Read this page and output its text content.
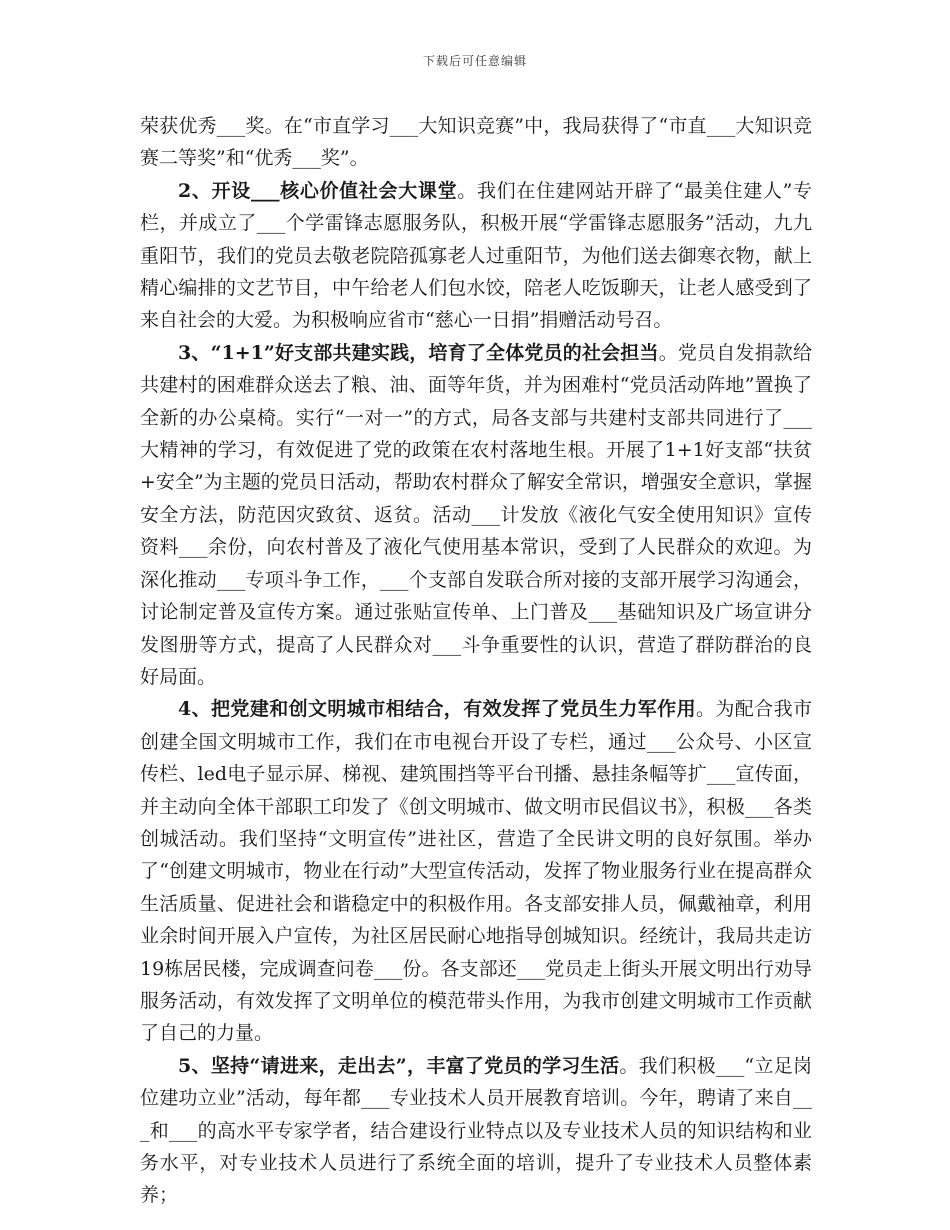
下载后可任意编辑

荣获优秀___奖。在“市直学习___大知识竞赛”中，我局获得了“市直___大知识竞赛二等奖”和“优秀___奖”。

2、开设___核心价值社会大课堂。我们在住建网站开辟了“最美住建人”专栏，并成立了___个学雷锋志愿服务队，积极开展“学雷锋志愿服务”活动，九九重阳节，我们的党员去敬老院陪孤寡老人过重阳节，为他们送去御寒衣物，献上精心编排的文艺节目，中午给老人们包水饺，陪老人吃饭聊天，让老人感受到了来自社会的大爱。为积极响应省市“慈心一日捐”捐赠活动号召。

3、“1+1”好支部共建实践，培育了全体党员的社会担当。党员自发捐款给共建村的困难群众送去了粮、油、面等年货，并为困难村“党员活动阵地”置换了全新的办公桌椅。实行“一对一”的方式，局各支部与共建村支部共同进行了___大精神的学习，有效促进了党的政策在农村落地生根。开展了1+1好支部“扶贫+安全”为主题的党员日活动，帮助农村群众了解安全常识，增强安全意识，掌握安全方法，防范因灾致贫、返贫。活动___计发放《液化气安全使用知识》宣传资料___余份，向农村普及了液化气使用基本常识，受到了人民群众的欢迎。为深化推动___专项斗争工作，___个支部自发联合所对接的支部开展学习沟通会，讨论制定普及宣传方案。通过张贴宣传单、上门普及___基础知识及广场宣讲分发图册等方式，提高了人民群众对___斗争重要性的认识，营造了群防群治的良好局面。

4、把党建和创文明城市相结合，有效发挥了党员生力军作用。为配合我市创建全国文明城市工作，我们在市电视台开设了专栏，通过___公众号、小区宣传栏、led电子显示屏、梯视、建筑围挡等平台刊播、悬挂条幅等扩___宣传面，并主动向全体干部职工印发了《创文明城市、做文明市民倡议书》，积极___各类创城活动。我们坚持“文明宣传”进社区，营造了全民讲文明的良好氛围。举办了“创建文明城市，物业在行动”大型宣传活动，发挥了物业服务行业在提高群众生活质量、促进社会和谐稳定中的积极作用。各支部安排人员，佩戴袖章，利用业余时间开展入户宣传，为社区居民耐心地指导创城知识。经统计，我局共走访19栋居民楼，完成调查问卷___份。各支部还___党员走上街头开展文明出行劝导服务活动，有效发挥了文明单位的模范带头作用，为我市创建文明城市工作贡献了自己的力量。

5、坚持“请进来，走出去”，丰富了党员的学习生活。我们积极___“立足岗位建功立业”活动，每年都___专业技术人员开展教育培训。今年，聘请了来自___和___的高水平专家学者，结合建设行业特点以及专业技术人员的知识结构和业务水平，对专业技术人员进行了系统全面的培训，提升了专业技术人员整体素养；
